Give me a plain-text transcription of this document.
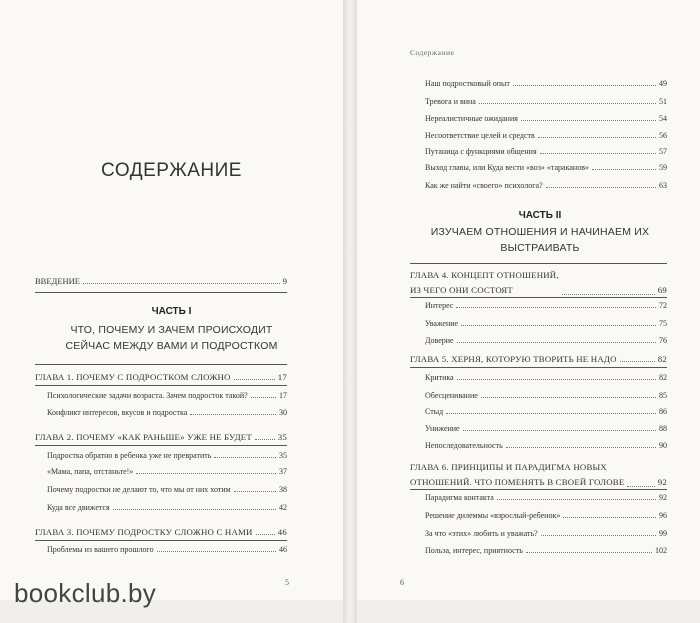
СОДЕРЖАНИЕ
ВВЕДЕНИЕ	9
ЧАСТЬ I
ЧТО, ПОЧЕМУ И ЗАЧЕМ ПРОИСХОДИТ
СЕЙЧАС МЕЖДУ ВАМИ И ПОДРОСТКОМ
ГЛАВА 1. ПОЧЕМУ С ПОДРОСТКОМ СЛОЖНО	17
Психологические задачи возраста. Зачем подросток такой?	17
Конфликт интересов, вкусов и подростка	30
ГЛАВА 2. ПОЧЕМУ «КАК РАНЬШЕ» УЖЕ НЕ БУДЕТ	35
Подростка обратно в ребенка уже не превратить	35
«Мама, папа, отстаньте!»	37
Почему подростки не делают то, что мы от них хотим	38
Куда все движется	42
ГЛАВА 3. ПОЧЕМУ ПОДРОСТКУ СЛОЖНО С НАМИ	46
Проблемы из вашего прошлого	46
5
Содержание
Наш подростковый опыт	49
Тревога и вина	51
Нереалистичные ожидания	54
Несоответствие целей и средств	56
Путаница с функциями общения	57
Выход главы, или Куда вести «воз» «тараканов»	59
Как же найти «своего» психолога?	63
ЧАСТЬ II
ИЗУЧАЕМ ОТНОШЕНИЯ И НАЧИНАЕМ ИХ
ВЫСТРАИВАТЬ
ГЛАВА 4. КОНЦЕПТ ОТНОШЕНИЙ,
ИЗ ЧЕГО ОНИ СОСТОЯТ	69
Интерес	72
Уважение	75
Доверие	76
ГЛАВА 5. ХЕРНЯ, КОТОРУЮ ТВОРИТЬ НЕ НАДО	82
Критика	82
Обесценивание	85
Стыд	86
Унижение	88
Непоследовательность	90
ГЛАВА 6. ПРИНЦИПЫ И ПАРАДИГМА НОВЫХ
ОТНОШЕНИЙ. ЧТО ПОМЕНЯТЬ В СВОЕЙ ГОЛОВЕ	92
Парадигма контакта	92
Решение дилеммы «взрослый-ребенок»	96
За что «этих» любить и уважать?	99
Польза, интерес, приятность	102
6
bookclub.by
